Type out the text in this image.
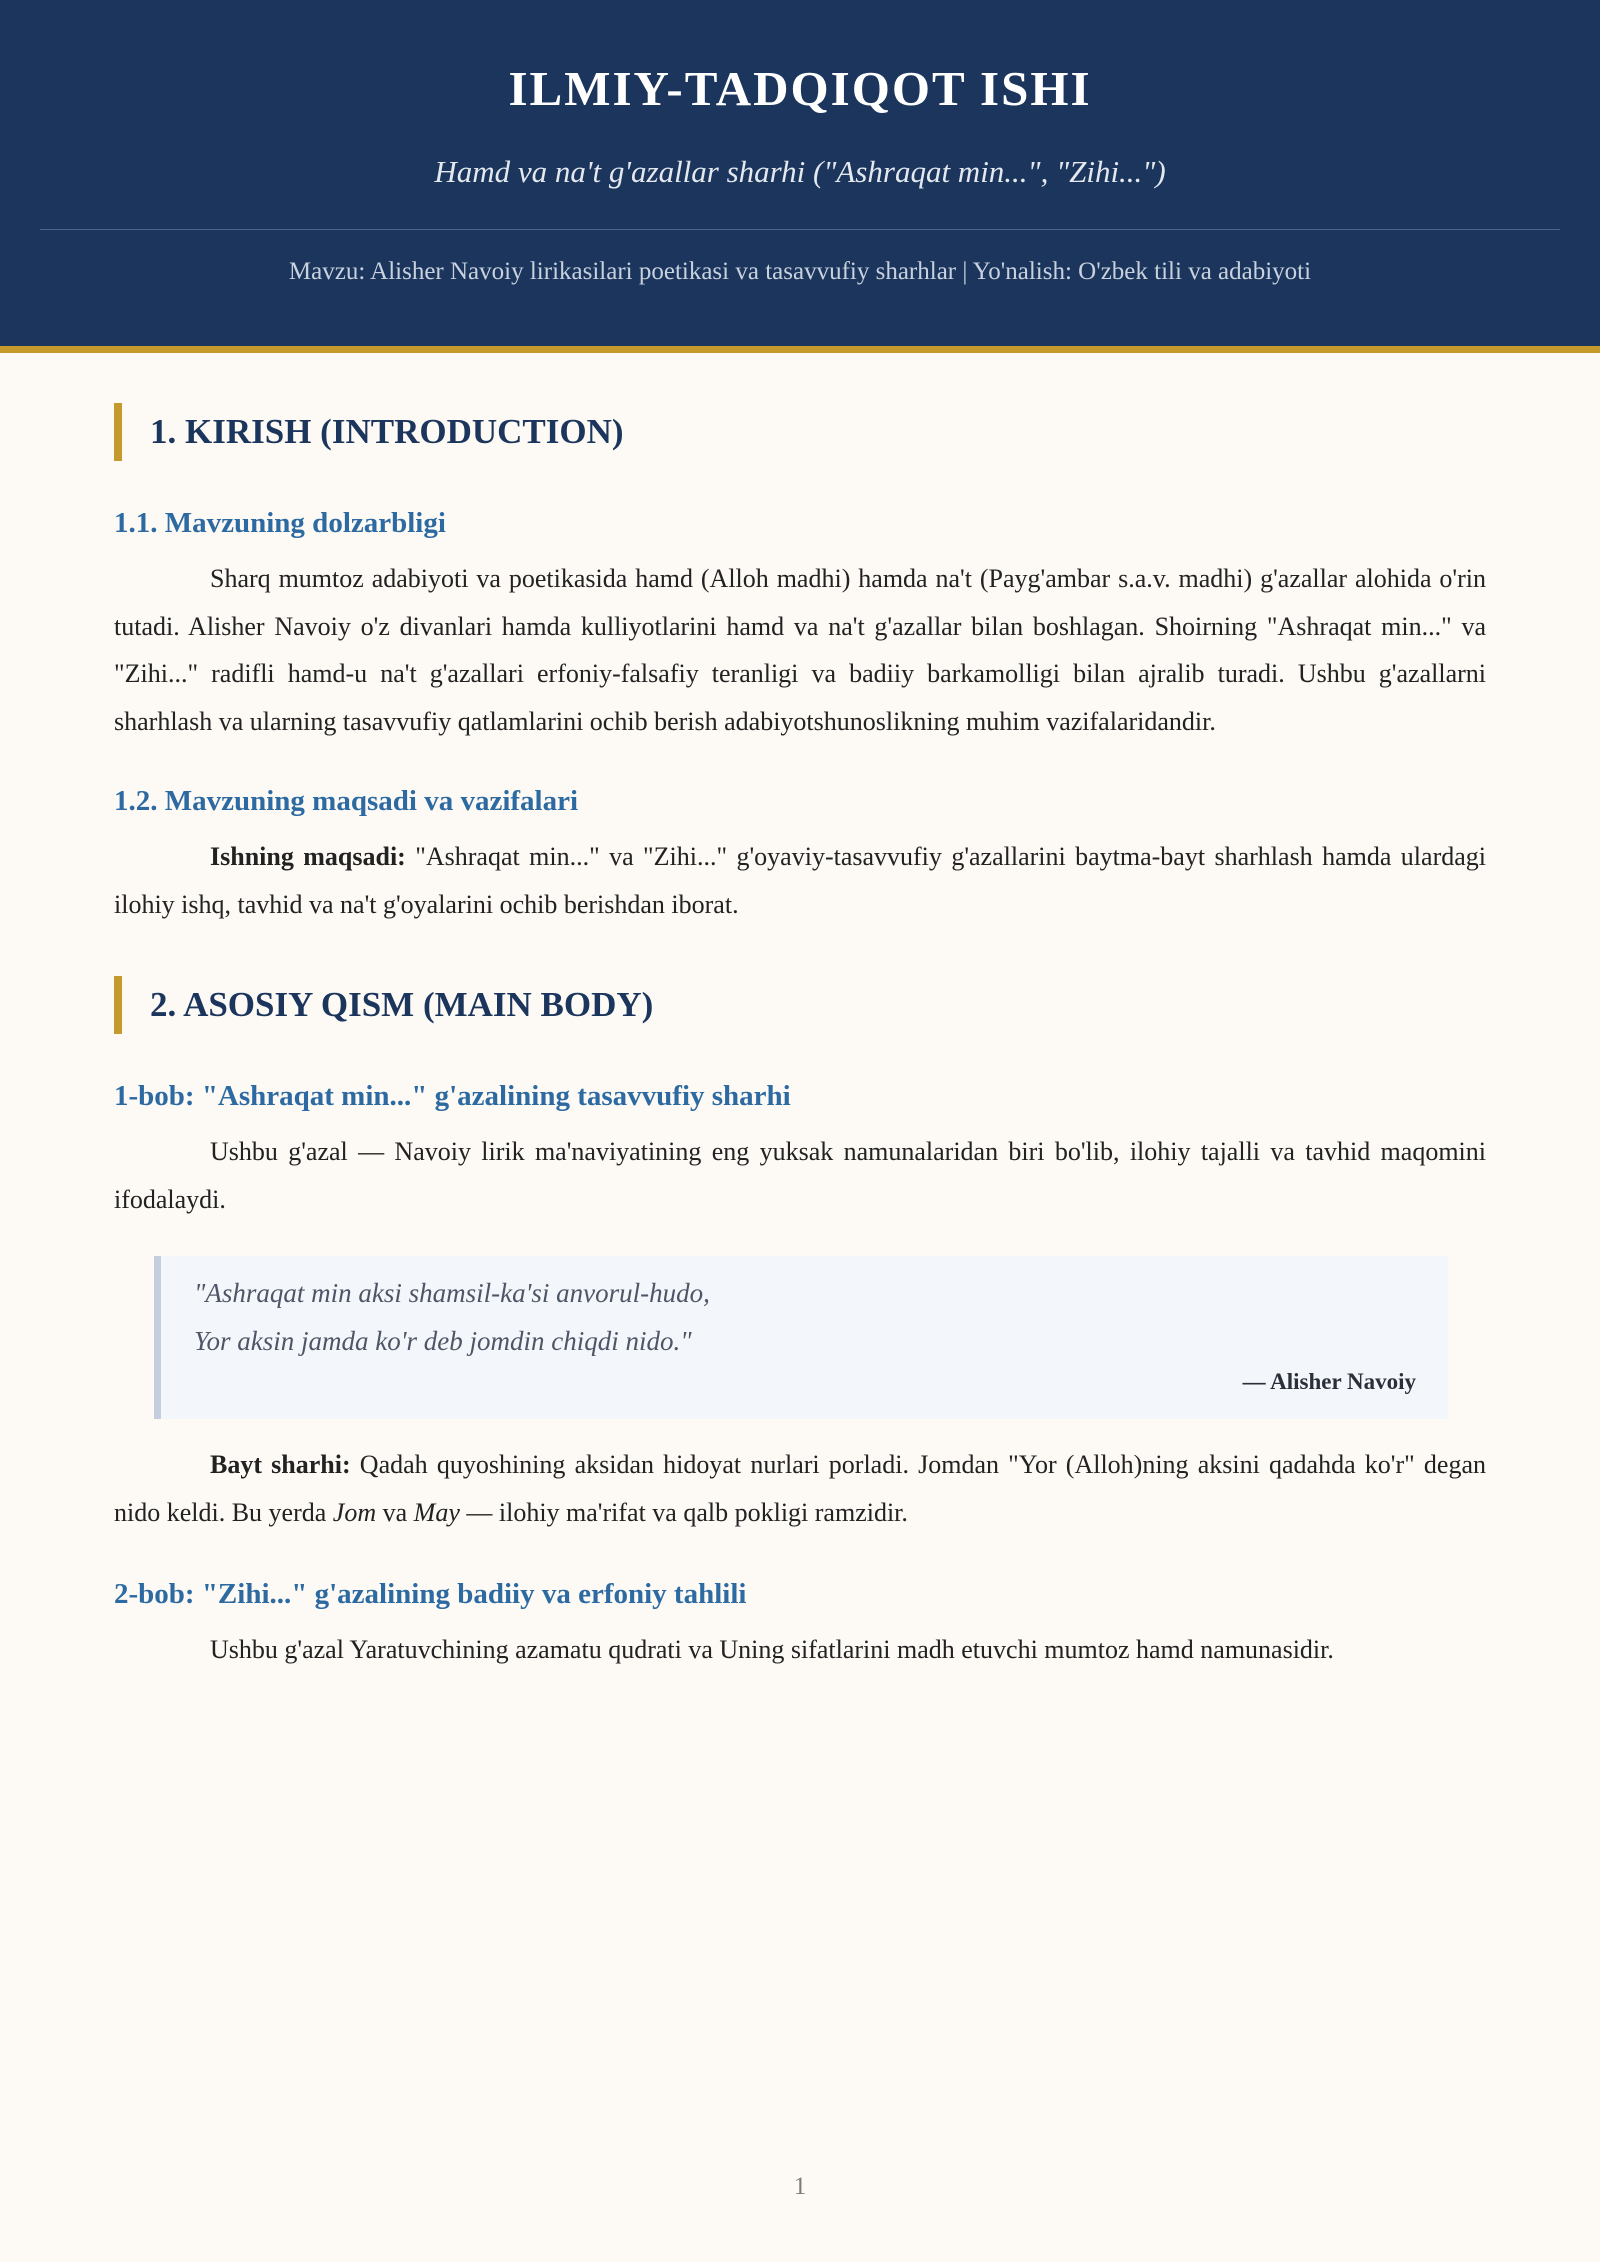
ILMIY-TADQIQOT ISHI

Hamd va na't g'azallar sharhi ("Ashraqat min...", "Zihi...")

Mavzu: Alisher Navoiy lirikasilari poetikasi va tasavvufiy sharhlar | Yo'nalish: O'zbek tili va adabiyoti
1. KIRISH (INTRODUCTION)
1.1. Mavzuning dolzarbligi

Sharq mumtoz adabiyoti va poetikasida hamd (Alloh madhi) hamda na't (Payg'ambar s.a.v. madhi) g'azallar alohida o'rin tutadi. Alisher Navoiy o'z divanlari hamda kulliyotlarini hamd va na't g'azallar bilan boshlagan. Shoirning "Ashraqat min..." va "Zihi..." radifli hamd-u na't g'azallari erfoniy-falsafiy teranligi va badiiy barkamolligi bilan ajralib turadi. Ushbu g'azallarni sharhlash va ularning tasavvufiy qatlamlarini ochib berish adabiyotshunoslikning muhim vazifalaridandir.

1.2. Mavzuning maqsadi va vazifalari

Ishning maqsadi: "Ashraqat min..." va "Zihi..." g'oyaviy-tasavvufiy g'azallarini baytma-bayt sharhlash hamda ulardagi ilohiy ishq, tavhid va na't g'oyalarini ochib berishdan iborat.

2. ASOSIY QISM (MAIN BODY)
1-bob: "Ashraqat min..." g'azalining tasavvufiy sharhi

Ushbu g'azal — Navoiy lirik ma'naviyatining eng yuksak namunalaridan biri bo'lib, ilohiy tajalli va tavhid maqomini ifodalaydi.

"Ashraqat min aksi shamsil-ka'si anvorul-hudo,

Yor aksin jamda ko'r deb jomdin chiqdi nido."

— Alisher Navoiy

Bayt sharhi: Qadah quyoshining aksidan hidoyat nurlari porladi. Jomdan "Yor (Alloh)ning aksini qadahda ko'r" degan nido keldi. Bu yerda Jom va May — ilohiy ma'rifat va qalb pokligi ramzidir.

2-bob: "Zihi..." g'azalining badiiy va erfoniy tahlili

Ushbu g'azal Yaratuvchining azamatu qudrati va Uning sifatlarini madh etuvchi mumtoz hamd namunasidir.

1
